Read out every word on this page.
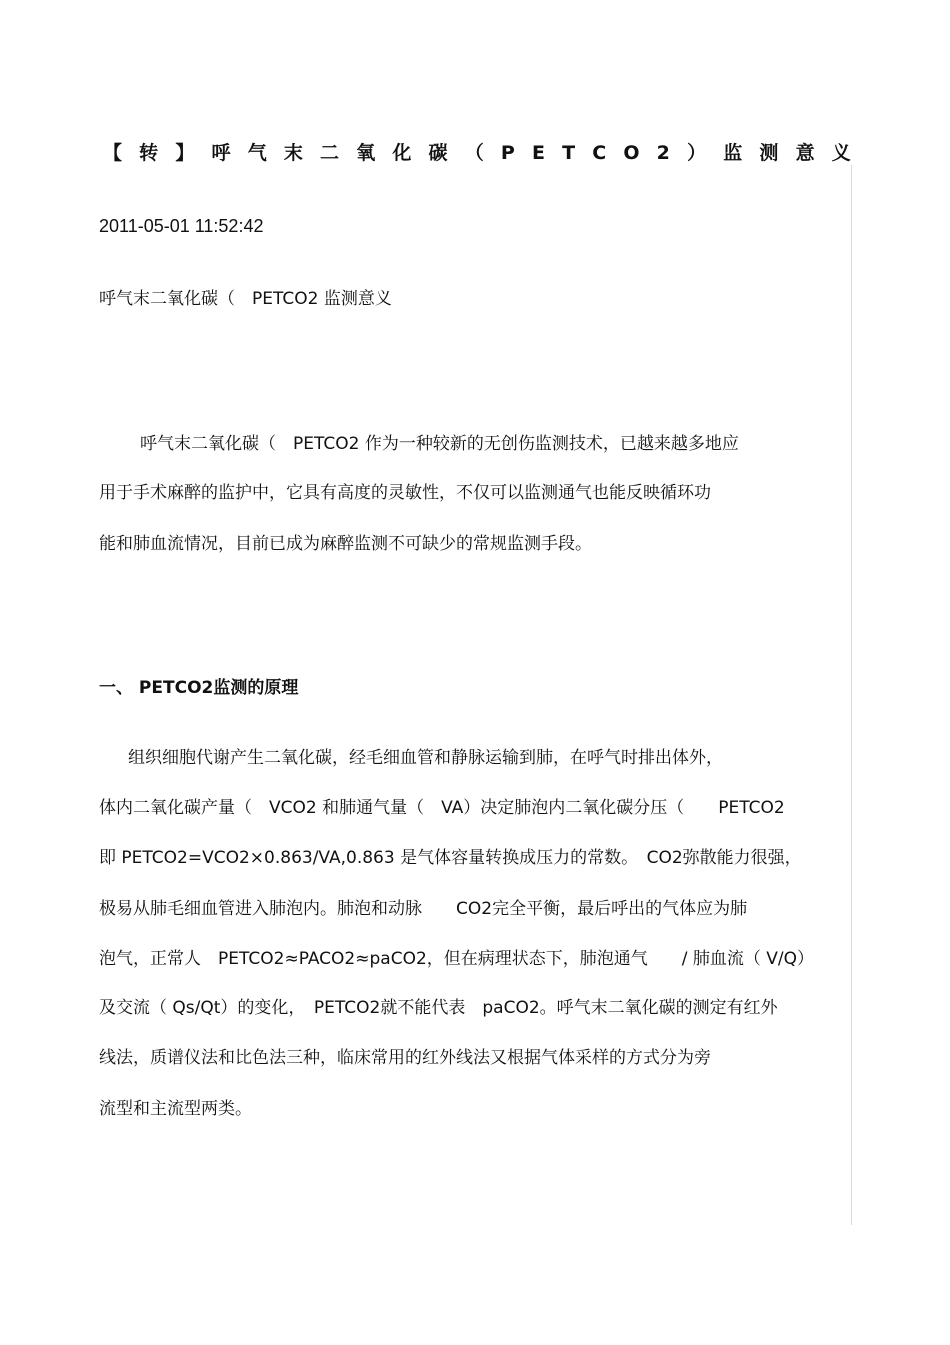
【 转 】 呼 气 末 二 氧 化 碳 （ P E T C O 2 ） 监 测 意 义

2011-05-01 11:52:42

呼气末二氧化碳（　PETCO2 监测意义

呼气末二氧化碳（　PETCO2 作为一种较新的无创伤监测技术，已越来越多地应

用于手术麻醉的监护中，它具有高度的灵敏性，不仅可以监测通气也能反映循环功

能和肺血流情况，目前已成为麻醉监测不可缺少的常规监测手段。

一、 PETCO2监测的原理

组织细胞代谢产生二氧化碳，经毛细血管和静脉运输到肺，在呼气时排出体外，

体内二氧化碳产量（　VCO2 和肺通气量（　VA）决定肺泡内二氧化碳分压（　　PETCO2

即 PETCO2=VCO2×0.863/VA,0.863 是气体容量转换成压力的常数。　CO2弥散能力很强，

极易从肺毛细血管进入肺泡内。肺泡和动脉　　CO2完全平衡，最后呼出的气体应为肺

泡气，正常人　PETCO2≈PACO2≈paCO2，但在病理状态下，肺泡通气　　/ 肺血流（ V/Q）

及交流（ Qs/Qt）的变化，　PETCO2就不能代表　paCO2。呼气末二氧化碳的测定有红外

线法，质谱仪法和比色法三种，临床常用的红外线法又根据气体采样的方式分为旁

流型和主流型两类。
